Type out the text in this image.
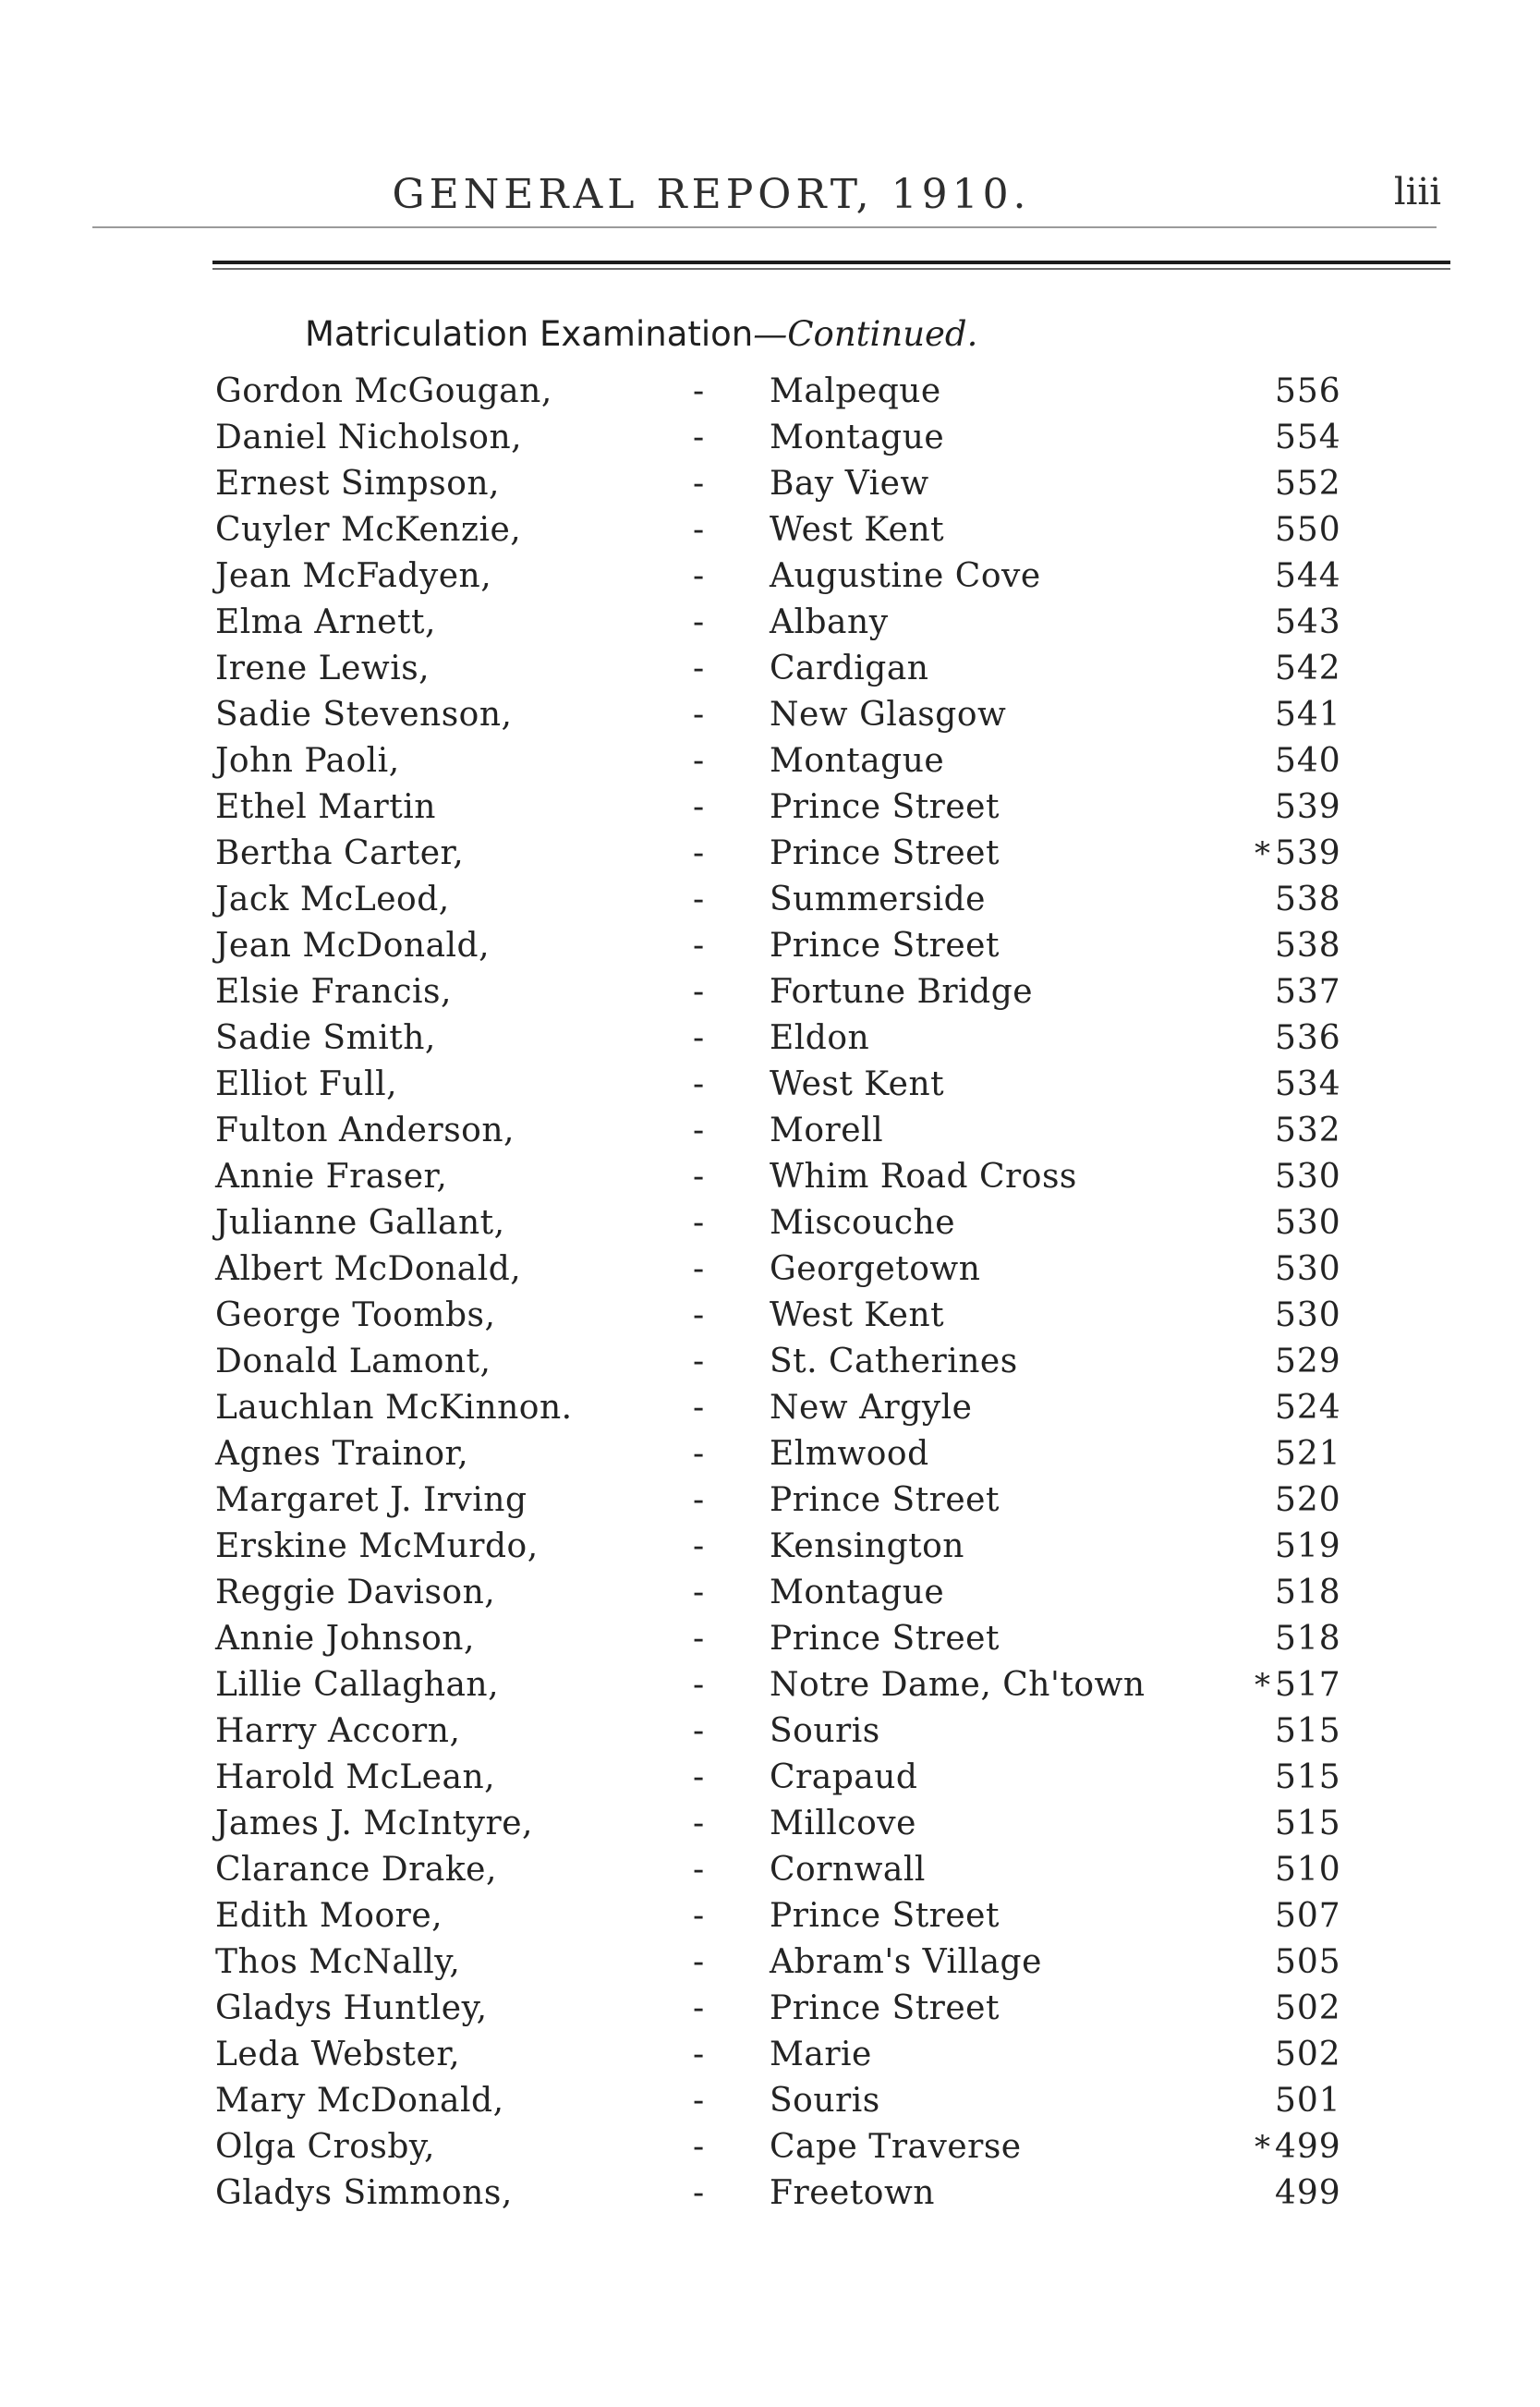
GENERAL REPORT, 1910.	liii
Matriculation Examination—Continued.
Gordon McGougan,	- Malpeque	556
Daniel Nicholson,	- Montague	554
Ernest Simpson,	- Bay View	552
Cuyler McKenzie,	- West Kent	550
Jean McFadyen,	- Augustine Cove	544
Elma Arnett,	- Albany	543
Irene Lewis,	- Cardigan	542
Sadie Stevenson,	- New Glasgow	541
John Paoli,	- Montague	540
Ethel Martin	- Prince Street	539
Bertha Carter,	- Prince Street	* 539
Jack McLeod,	- Summerside	538
Jean McDonald,	- Prince Street	538
Elsie Francis,	- Fortune Bridge	537
Sadie Smith,	- Eldon	536
Elliot Full,	- West Kent	534
Fulton Anderson,	- Morell	532
Annie Fraser,	- Whim Road Cross	530
Julianne Gallant,	- Miscouche	530
Albert McDonald,	- Georgetown	530
George Toombs,	- West Kent	530
Donald Lamont,	- St. Catherines	529
Lauchlan McKinnon.	- New Argyle	524
Agnes Trainor,	- Elmwood	521
Margaret J. Irving	- Prince Street	520
Erskine McMurdo,	- Kensington	519
Reggie Davison,	- Montague	518
Annie Johnson,	- Prince Street	518
Lillie Callaghan,	- Notre Dame, Ch'town	* 517
Harry Accorn,	- Souris	515
Harold McLean,	- Crapaud	515
James J. McIntyre,	- Millcove	515
Clarance Drake,	- Cornwall	510
Edith Moore,	- Prince Street	507
Thos McNally,	- Abram's Village	505
Gladys Huntley,	- Prince Street	502
Leda Webster,	- Marie	502
Mary McDonald,	- Souris	501
Olga Crosby,	- Cape Traverse	* 499
Gladys Simmons,	- Freetown	499
